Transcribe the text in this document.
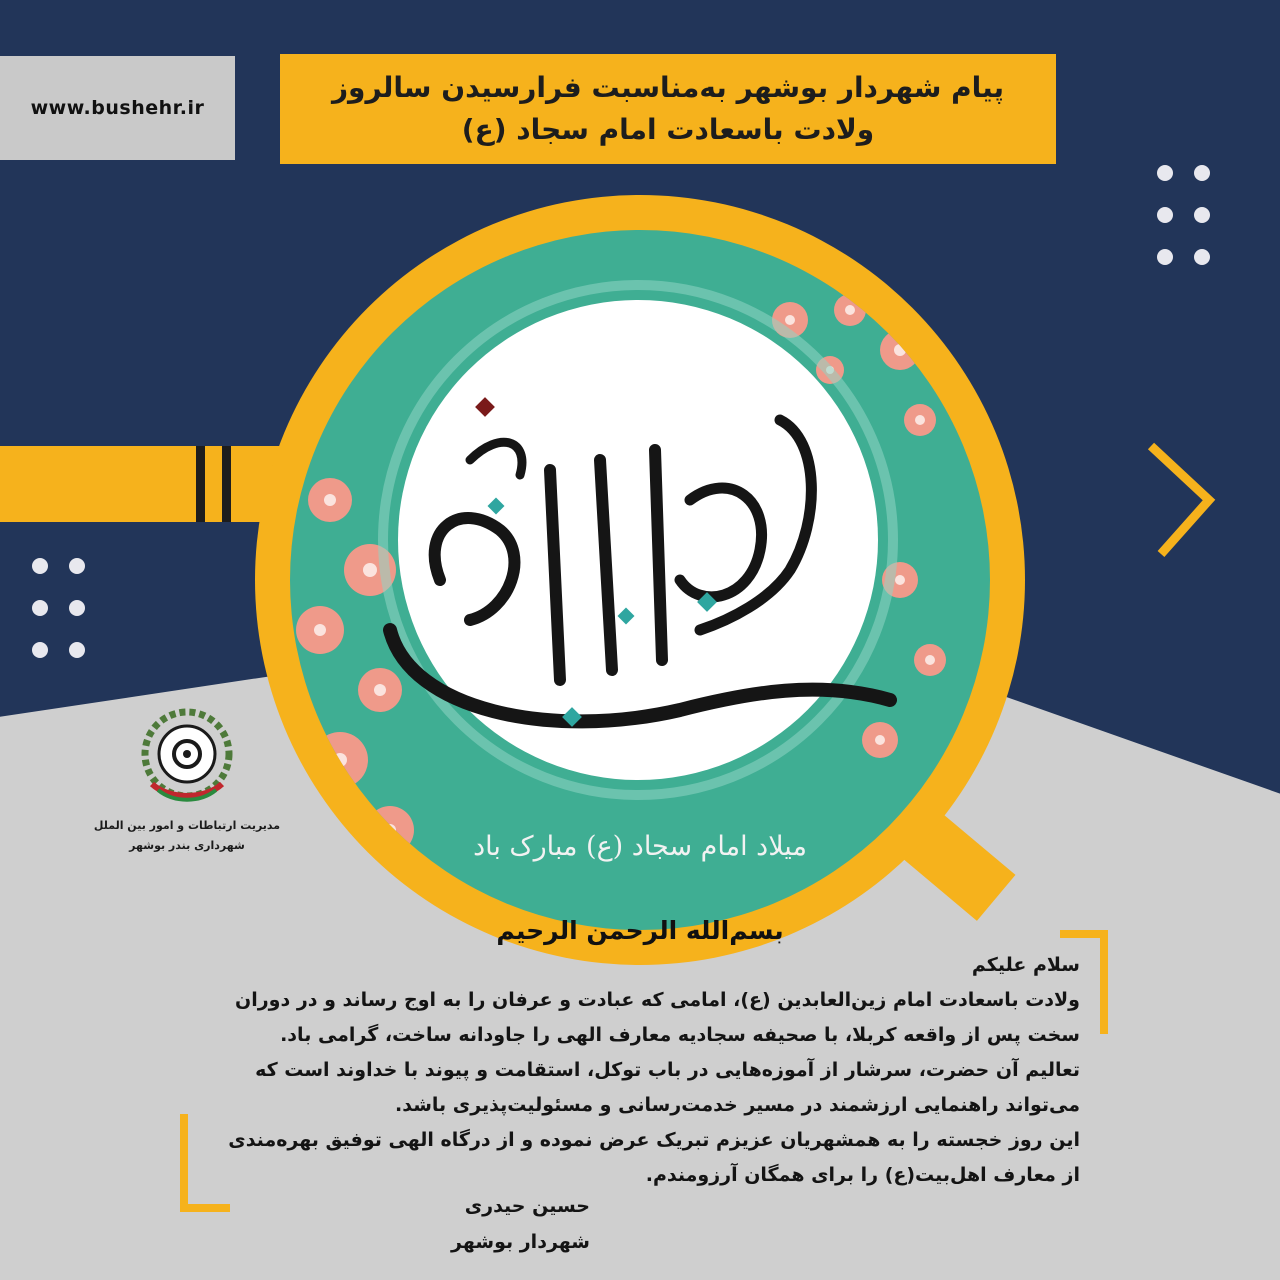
www.bushehr.ir
پیام شهردار بوشهر به‌مناسبت فرارسیدن سالروز
ولادت باسعادت امام سجاد (ع)
میلاد امام سجاد (ع) مبارک باد
مدیریت ارتباطات و امور بین الملل
شهرداری بندر بوشهر
بسم‌الله الرحمن الرحیم
سلام علیکم
ولادت باسعادت امام زین‌العابدین (ع)، امامی که عبادت و عرفان را به اوج رساند و در دوران
سخت پس از واقعه کربلا، با صحیفه سجادیه معارف الهی را جاودانه ساخت، گرامی باد.
تعالیم آن حضرت، سرشار از آموزه‌هایی در باب توکل، استقامت و پیوند با خداوند است که
می‌تواند راهنمایی ارزشمند در مسیر خدمت‌رسانی و مسئولیت‌پذیری باشد.
این روز خجسته را به همشهریان عزیزم تبریک عرض نموده و از درگاه الهی توفیق بهره‌مندی
از معارف اهل‌بیت(ع) را برای همگان آرزومندم.
حسین حیدری
شهردار بوشهر
